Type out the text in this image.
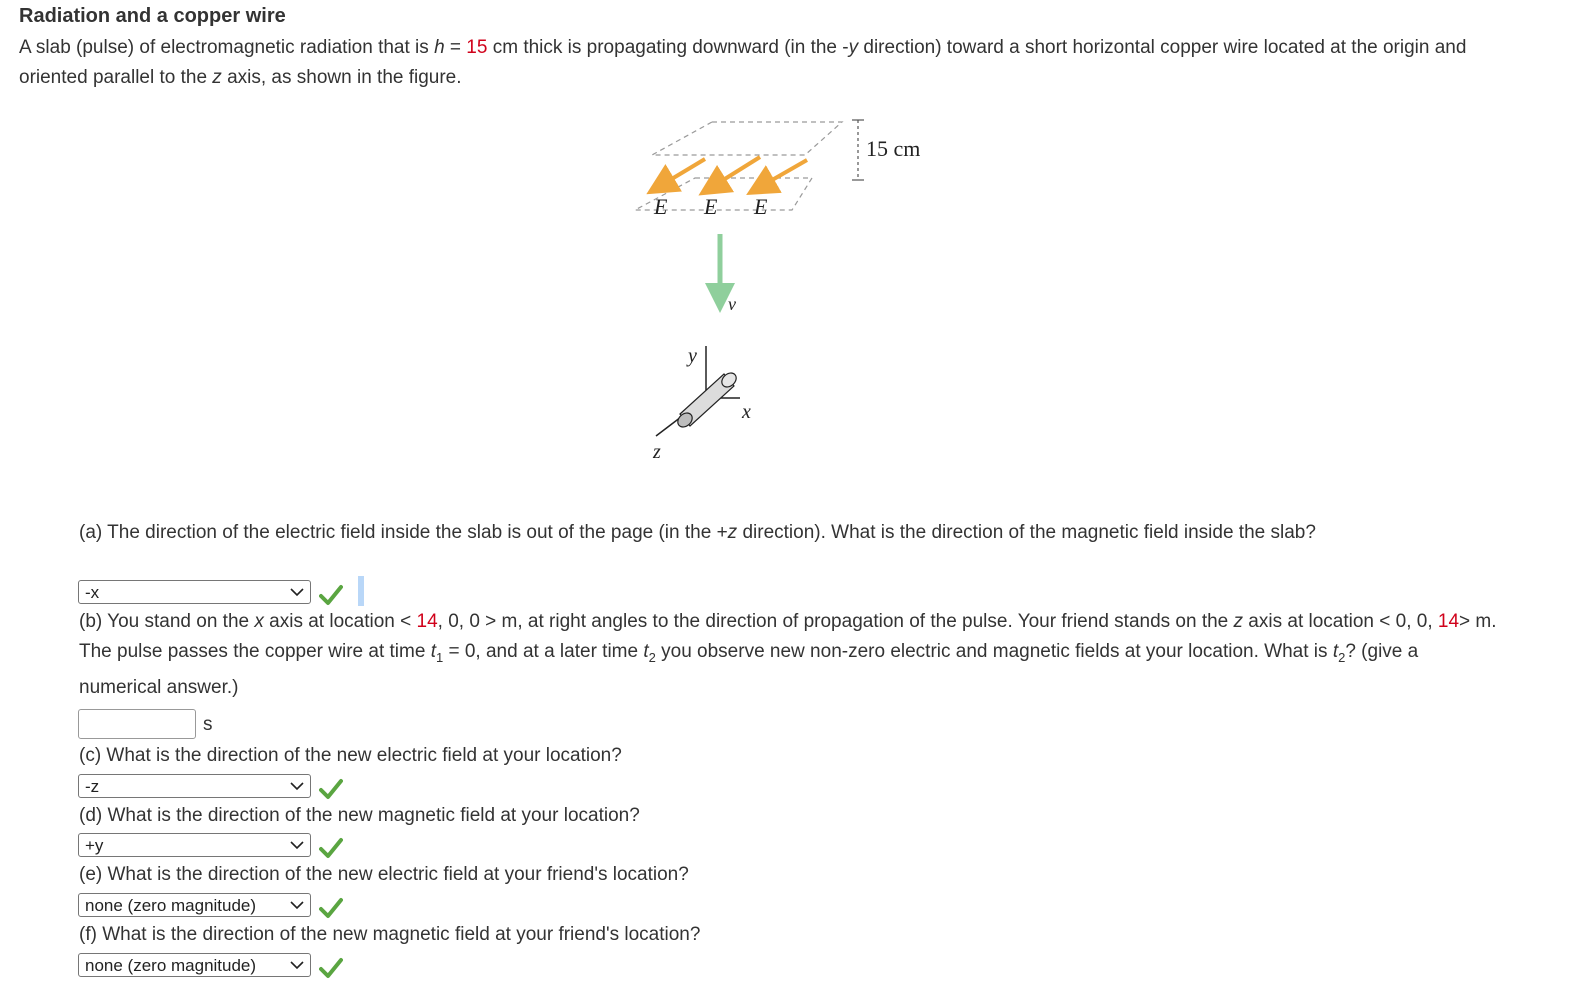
Radiation and a copper wire
A slab (pulse) of electromagnetic radiation that is h = 15 cm thick is propagating downward (in the -y direction) toward a short horizontal copper wire located at the origin and oriented parallel to the z axis, as shown in the figure.
15 cm
E E E
v
y
x
z
(a) The direction of the electric field inside the slab is out of the page (in the +z direction). What is the direction of the magnetic field inside the slab?
-x
(b) You stand on the x axis at location < 14, 0, 0 > m, at right angles to the direction of propagation of the pulse. Your friend stands on the z axis at location < 0, 0, 14> m. The pulse passes the copper wire at time $t_1 = 0$, and at a later time $t_2$ you observe new non-zero electric and magnetic fields at your location. What is $t_2$? (give a numerical answer.)
s
(c) What is the direction of the new electric field at your location?
-z
(d) What is the direction of the new magnetic field at your location?
+y
(e) What is the direction of the new electric field at your friend's location?
none (zero magnitude)
(f) What is the direction of the new magnetic field at your friend's location?
none (zero magnitude)
